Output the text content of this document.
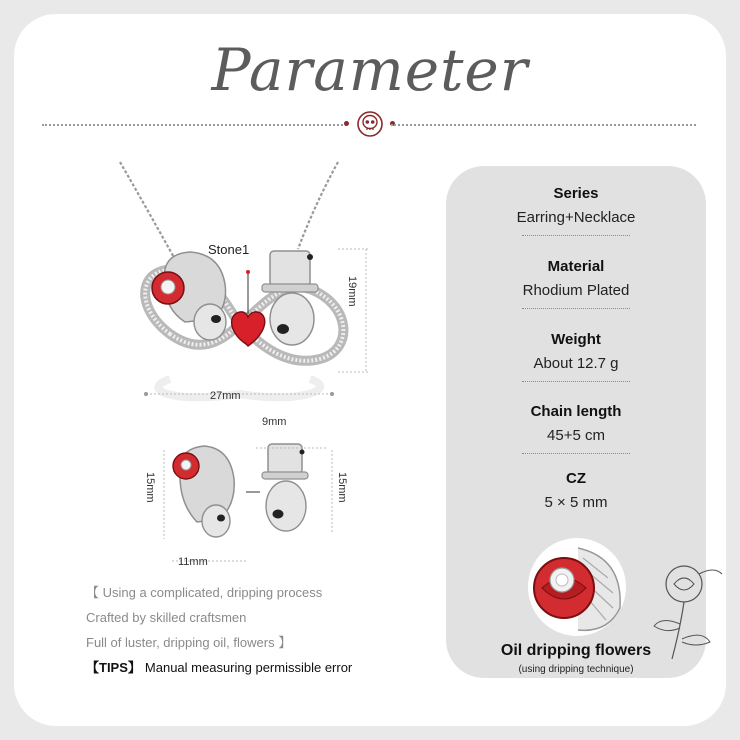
Parameter
Stone1
19mm
27mm
9mm
15mm	15mm
11mm
【 Using a complicated, dripping process
Crafted by skilled craftsmen
Full of luster, dripping oil, flowers 】
【TIPS】 Manual measuring permissible error
Series
Earring+Necklace
Material
Rhodium Plated
Weight
About 12.7 g
Chain length
45+5 cm
CZ
5 × 5 mm
Oil dripping flowers
(using dripping technique)
